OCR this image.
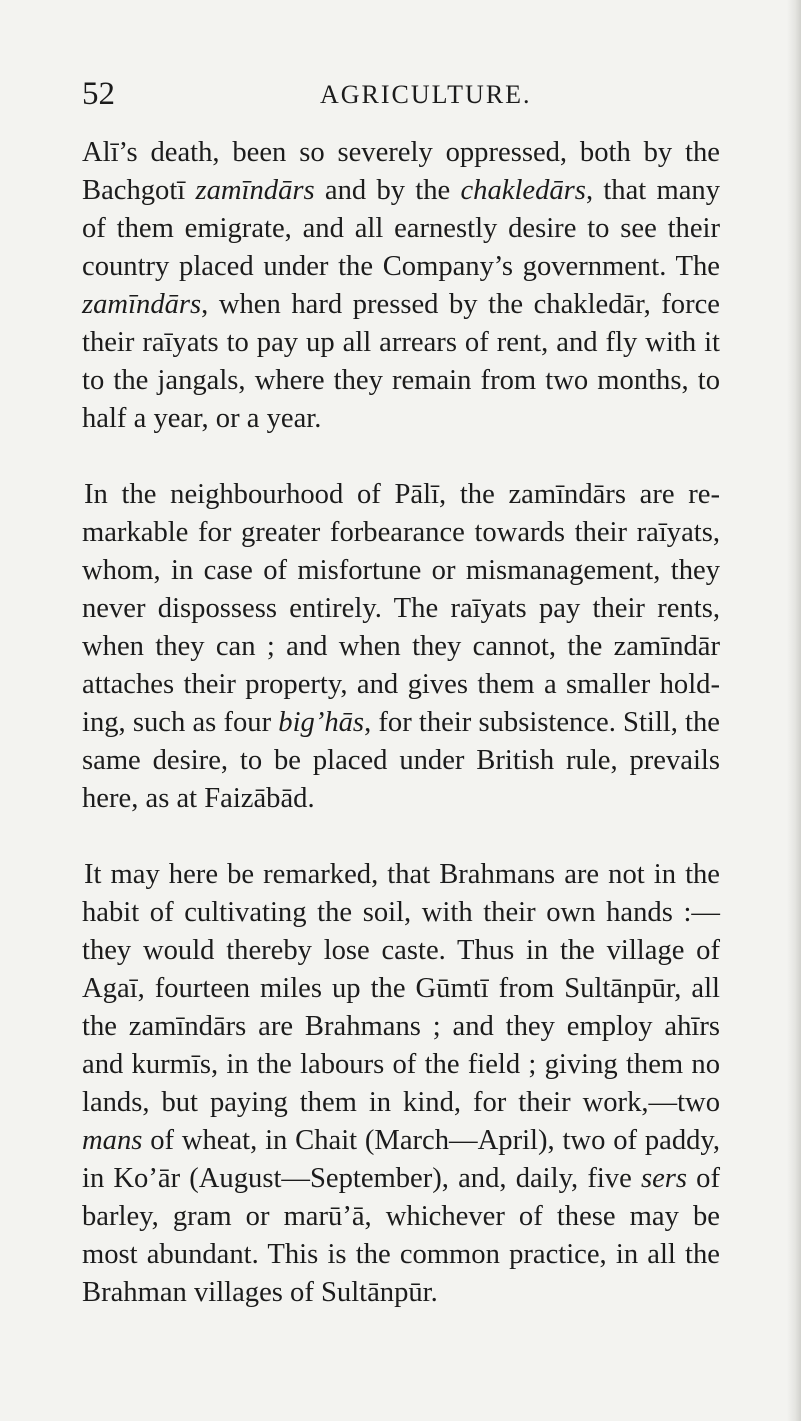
52	AGRICULTURE.

Alī’s death, been so severely oppressed, both by the Bachgotī zamīndārs and by the chakledārs, that many of them emigrate, and all earnestly desire to see their country placed under the Company’s government. The zamīndārs, when hard pressed by the chakledār, force their raīyats to pay up all arrears of rent, and fly with it to the jangals, where they remain from two months, to half a year, or a year.

In the neighbourhood of Pālī, the zamīndārs are re-markable for greater forbearance towards their raīyats, whom, in case of misfortune or mismanagement, they never dispossess entirely. The raīyats pay their rents, when they can ; and when they cannot, the zamīndār attaches their property, and gives them a smaller hold-ing, such as four big’hās, for their subsistence. Still, the same desire, to be placed under British rule, prevails here, as at Faizābād.

It may here be remarked, that Brahmans are not in the habit of cultivating the soil, with their own hands :— they would thereby lose caste. Thus in the village of Agaī, fourteen miles up the Gūmtī from Sultānpūr, all the zamīndārs are Brahmans ; and they employ ahīrs and kurmīs, in the labours of the field ; giving them no lands, but paying them in kind, for their work,—two mans of wheat, in Chait (March—April), two of paddy, in Ko’ār (August—September), and, daily, five sers of barley, gram or marū’ā, whichever of these may be most abundant. This is the common practice, in all the Brahman villages of Sultānpūr.
